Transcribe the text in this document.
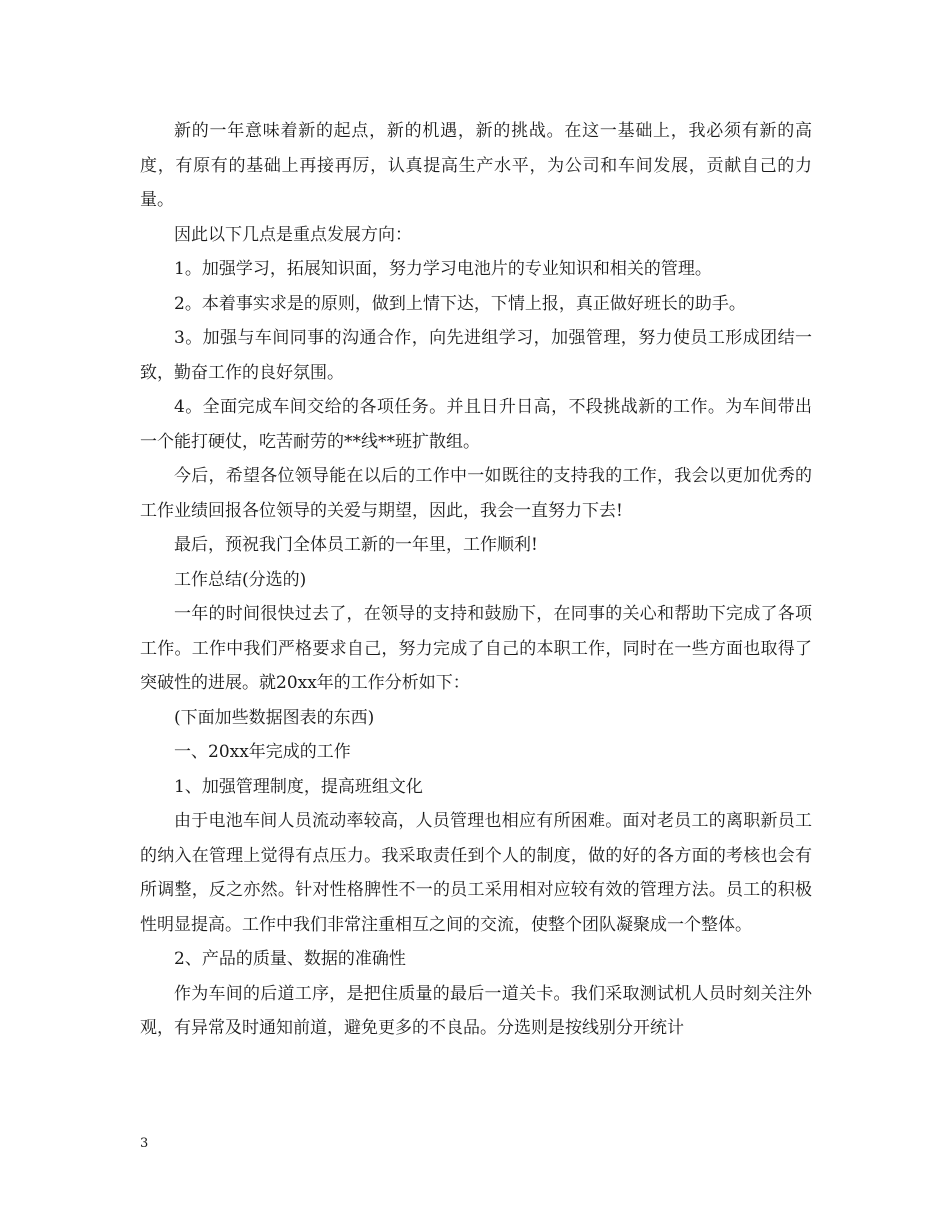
新的一年意味着新的起点，新的机遇，新的挑战。在这一基础上，我必须有新的高度，有原有的基础上再接再厉，认真提高生产水平，为公司和车间发展，贡献自己的力量。

因此以下几点是重点发展方向：

1。加强学习，拓展知识面，努力学习电池片的专业知识和相关的管理。

2。本着事实求是的原则，做到上情下达，下情上报，真正做好班长的助手。

3。加强与车间同事的沟通合作，向先进组学习，加强管理，努力使员工形成团结一致，勤奋工作的良好氛围。

4。全面完成车间交给的各项任务。并且日升日高，不段挑战新的工作。为车间带出一个能打硬仗，吃苦耐劳的**线**班扩散组。

今后，希望各位领导能在以后的工作中一如既往的支持我的工作，我会以更加优秀的工作业绩回报各位领导的关爱与期望，因此，我会一直努力下去!

最后，预祝我门全体员工新的一年里，工作顺利!

工作总结(分选的)

一年的时间很快过去了，在领导的支持和鼓励下，在同事的关心和帮助下完成了各项工作。工作中我们严格要求自己，努力完成了自己的本职工作，同时在一些方面也取得了突破性的进展。就20xx年的工作分析如下：

(下面加些数据图表的东西)

一、20xx年完成的工作

1、加强管理制度，提高班组文化

由于电池车间人员流动率较高，人员管理也相应有所困难。面对老员工的离职新员工的纳入在管理上觉得有点压力。我采取责任到个人的制度，做的好的各方面的考核也会有所调整，反之亦然。针对性格脾性不一的员工采用相对应较有效的管理方法。员工的积极性明显提高。工作中我们非常注重相互之间的交流，使整个团队凝聚成一个整体。

2、产品的质量、数据的准确性

作为车间的后道工序，是把住质量的最后一道关卡。我们采取测试机人员时刻关注外观，有异常及时通知前道，避免更多的不良品。分选则是按线别分开统计

3
